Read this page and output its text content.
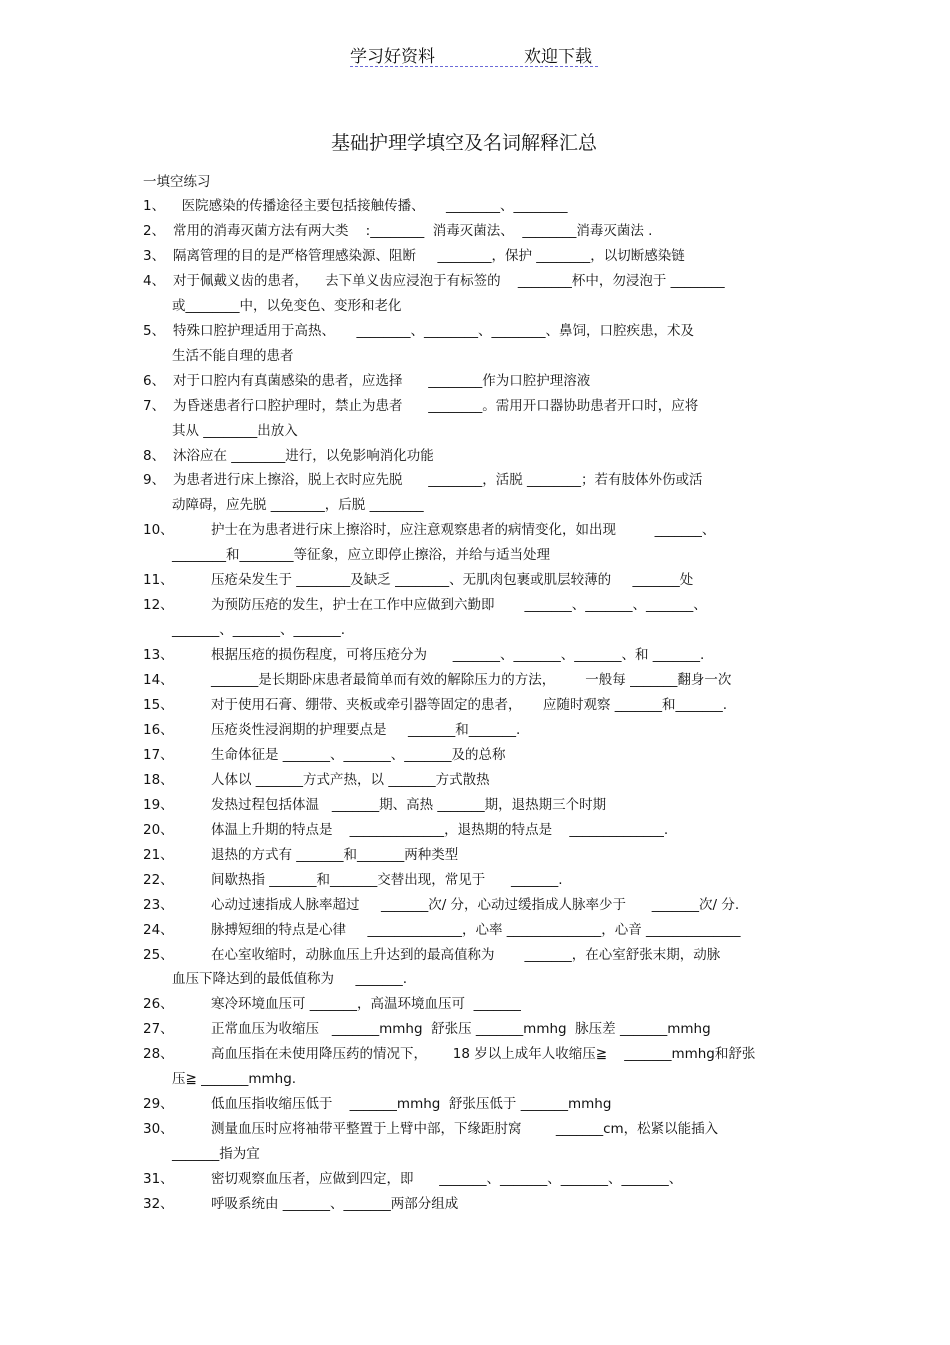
学习好资料	欢迎下载
基础护理学填空及名词解释汇总
一填空练习
1、  医院感染的传播途径主要包括接触传播、     ________、________
2、 常用的消毒灭菌方法有两大类    :________  消毒灭菌法、  ________消毒灭菌法 .
3、 隔离管理的目的是严格管理感染源、阻断     ________，保护 ________，以切断感染链
4、 对于佩戴义齿的患者，    去下单义齿应浸泡于有标签的    ________杯中，勿浸泡于 ________
或________中，以免变色、变形和老化
5、 特殊口腔护理适用于高热、     ________、________、________、鼻饲，口腔疾患，术及
生活不能自理的患者
6、 对于口腔内有真菌感染的患者，应选择      ________作为口腔护理溶液
7、 为昏迷患者行口腔护理时，禁止为患者      ________。需用开口器协助患者开口时，应将
其从 ________出放入
8、 沐浴应在 ________进行，以免影响消化功能
9、 为患者进行床上擦浴，脱上衣时应先脱      ________，活脱 ________；若有肢体外伤或活
动障碍，应先脱 ________，后脱 ________
10、	护士在为患者进行床上擦浴时，应注意观察患者的病情变化，如出现         _______、
________和________等征象，应立即停止擦浴，并给与适当处理
11、	压疮朵发生于 ________及缺乏 ________、无肌肉包裹或肌层较薄的     _______处
12、	为预防压疮的发生，护士在工作中应做到六勤即       _______、_______、_______、
_______、_______、_______.
13、	根据压疮的损伤程度，可将压疮分为      _______、_______、_______、和 _______.
14、	_______是长期卧床患者最简单而有效的解除压力的方法，       一般每 _______翻身一次
15、	对于使用石膏、绷带、夹板或牵引器等固定的患者，     应随时观察 _______和_______.
16、	压疮炎性浸润期的护理要点是     _______和_______.
17、	生命体征是 _______、_______、_______及的总称
18、	人体以 _______方式产热，以 _______方式散热
19、	发热过程包括体温   _______期、高热 _______期，退热期三个时期
20、	体温上升期的特点是    ______________，退热期的特点是    ______________.
21、	退热的方式有 _______和_______两种类型
22、	间歇热指 _______和_______交替出现，常见于      _______.
23、	心动过速指成人脉率超过     _______次/ 分，心动过缓指成人脉率少于      _______次/ 分.
24、	脉搏短细的特点是心律     ______________，心率 ______________，心音 ______________
25、	在心室收缩时，动脉血压上升达到的最高值称为       _______，在心室舒张末期，动脉
血压下降达到的最低值称为     _______.
26、	寒冷环境血压可 _______，高温环境血压可  _______
27、	正常血压为收缩压   _______mmhg  舒张压 _______mmhg  脉压差 _______mmhg
28、	高血压指在未使用降压药的情况下，      18 岁以上成年人收缩压≧    _______mmhg和舒张
压≧ _______mmhg.
29、	低血压指收缩压低于    _______mmhg  舒张压低于 _______mmhg
30、	测量血压时应将袖带平整置于上臂中部，下缘距肘窝        _______cm，松紧以能插入
_______指为宜
31、	密切观察血压者，应做到四定，即      _______、_______、_______、_______、
32、	呼吸系统由 _______、_______两部分组成
